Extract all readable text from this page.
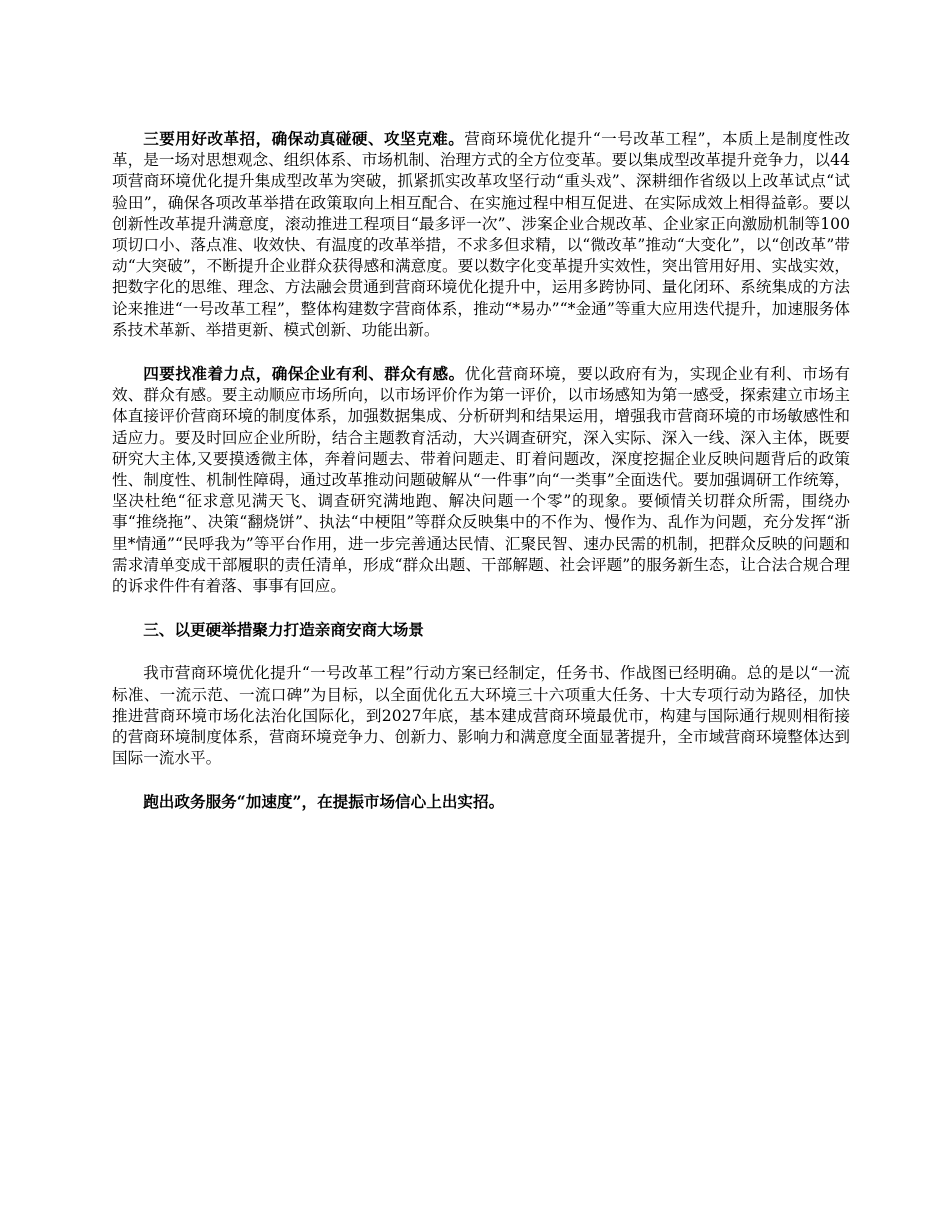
三要用好改革招，确保动真碰硬、攻坚克难。营商环境优化提升“一号改革工程”，本质上是制度性改革，是一场对思想观念、组织体系、市场机制、治理方式的全方位变革。要以集成型改革提升竞争力，以44项营商环境优化提升集成型改革为突破，抓紧抓实改革攻坚行动“重头戏”、深耕细作省级以上改革试点“试验田”，确保各项改革举措在政策取向上相互配合、在实施过程中相互促进、在实际成效上相得益彰。要以创新性改革提升满意度，滚动推进工程项目“最多评一次”、涉案企业合规改革、企业家正向激励机制等100项切口小、落点准、收效快、有温度的改革举措，不求多但求精，以“微改革”推动“大变化”，以“创改革”带动“大突破”，不断提升企业群众获得感和满意度。要以数字化变革提升实效性，突出管用好用、实战实效，把数字化的思维、理念、方法融会贯通到营商环境优化提升中，运用多跨协同、量化闭环、系统集成的方法论来推进“一号改革工程”，整体构建数字营商体系，推动“*易办”“*金通”等重大应用迭代提升，加速服务体系技术革新、举措更新、模式创新、功能出新。

四要找准着力点，确保企业有利、群众有感。优化营商环境，要以政府有为，实现企业有利、市场有效、群众有感。要主动顺应市场所向，以市场评价作为第一评价，以市场感知为第一感受，探索建立市场主体直接评价营商环境的制度体系，加强数据集成、分析研判和结果运用，增强我市营商环境的市场敏感性和适应力。要及时回应企业所盼，结合主题教育活动，大兴调查研究，深入实际、深入一线、深入主体，既要研究大主体,又要摸透微主体，奔着问题去、带着问题走、盯着问题改，深度挖掘企业反映问题背后的政策性、制度性、机制性障碍，通过改革推动问题破解从“一件事”向“一类事”全面迭代。要加强调研工作统筹，坚决杜绝“征求意见满天飞、调查研究满地跑、解决问题一个零”的现象。要倾情关切群众所需，围绕办事“推绕拖”、决策“翻烧饼”、执法“中梗阻”等群众反映集中的不作为、慢作为、乱作为问题，充分发挥“浙里*情通”“民呼我为”等平台作用，进一步完善通达民情、汇聚民智、速办民需的机制，把群众反映的问题和需求清单变成干部履职的责任清单，形成“群众出题、干部解题、社会评题”的服务新生态，让合法合规合理的诉求件件有着落、事事有回应。

三、以更硬举措聚力打造亲商安商大场景

我市营商环境优化提升“一号改革工程”行动方案已经制定，任务书、作战图已经明确。总的是以“一流标准、一流示范、一流口碑”为目标，以全面优化五大环境三十六项重大任务、十大专项行动为路径，加快推进营商环境市场化法治化国际化，到2027年底，基本建成营商环境最优市，构建与国际通行规则相衔接的营商环境制度体系，营商环境竞争力、创新力、影响力和满意度全面显著提升，全市域营商环境整体达到国际一流水平。

跑出政务服务“加速度”，在提振市场信心上出实招。
